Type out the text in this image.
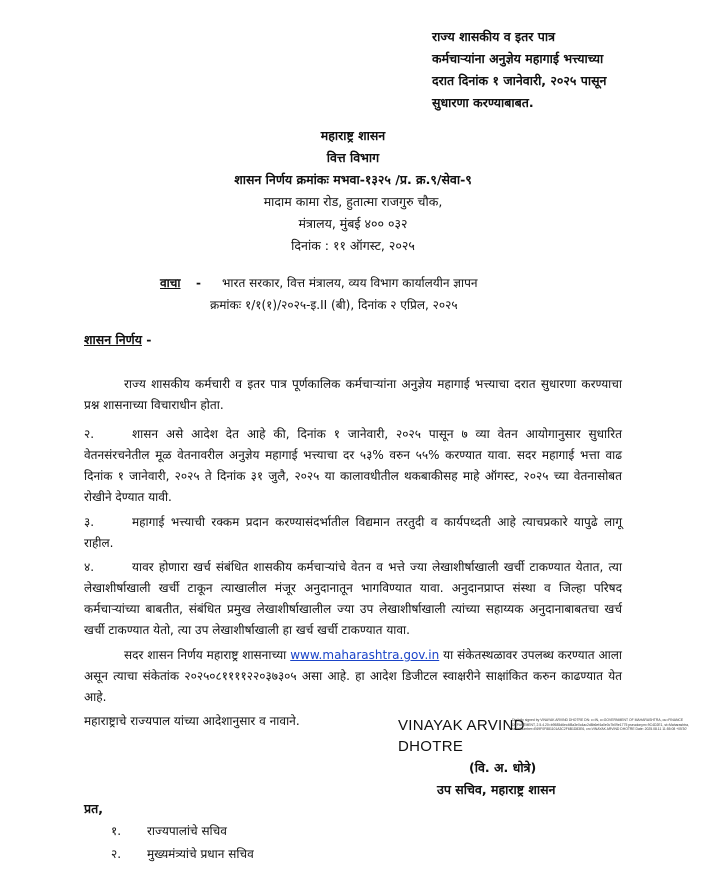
राज्य शासकीय व इतर पात्र
कर्मचाऱ्यांना अनुज्ञेय महागाई भत्त्याच्या
दरात दिनांक १ जानेवारी, २०२५ पासून
सुधारणा करण्याबाबत.
महाराष्ट्र शासन
वित्त विभाग
शासन निर्णय क्रमांकः मभवा-१३२५ /प्र. क्र.९/सेवा-९
मादाम कामा रोड, हुतात्मा राजगुरु चौक,
मंत्रालय, मुंबई ४०० ०३२
दिनांक : ११ ऑगस्ट, २०२५
वाचा - भारत सरकार, वित्त मंत्रालय, व्यय विभाग कार्यालयीन ज्ञापन
क्रमांकः १/१(१)/२०२५-इ.II (बी), दिनांक २ एप्रिल, २०२५
शासन निर्णय -
राज्य शासकीय कर्मचारी व इतर पात्र पूर्णकालिक कर्मचाऱ्यांना अनुज्ञेय महागाई भत्त्याचा दरात सुधारणा करण्याचा प्रश्न शासनाच्या विचाराधीन होता.
२.	शासन असे आदेश देत आहे की, दिनांक १ जानेवारी, २०२५ पासून ७ व्या वेतन आयोगानुसार सुधारित वेतनसंरचनेतील मूळ वेतनावरील अनुज्ञेय महागाई भत्त्याचा दर ५३% वरुन ५५% करण्यात यावा. सदर महागाई भत्ता वाढ दिनांक १ जानेवारी, २०२५ ते दिनांक ३१ जुलै, २०२५ या कालावधीतील थकबाकीसह माहे ऑगस्ट, २०२५ च्या वेतनासोबत रोखीने देण्यात यावी.
३.	महागाई भत्त्याची रक्कम प्रदान करण्यासंदर्भातील विद्यमान तरतुदी व कार्यपध्दती आहे त्याचप्रकारे यापुढे लागू राहील.
४.	यावर होणारा खर्च संबंधित शासकीय कर्मचाऱ्यांचे वेतन व भत्ते ज्या लेखाशीर्षाखाली खर्ची टाकण्यात येतात, त्या लेखाशीर्षाखाली खर्ची टाकून त्याखालील मंजूर अनुदानातून भागविण्यात यावा. अनुदानप्राप्त संस्था व जिल्हा परिषद कर्मचाऱ्यांच्या बाबतीत, संबंधित प्रमुख लेखाशीर्षाखालील ज्या उप लेखाशीर्षाखाली त्यांच्या सहाय्यक अनुदानाबाबतचा खर्च खर्ची टाकण्यात येतो, त्या उप लेखाशीर्षाखाली हा खर्च खर्ची टाकण्यात यावा.
सदर शासन निर्णय महाराष्ट्र शासनाच्या www.maharashtra.gov.in या संकेतस्थळावर उपलब्ध करण्यात आला असून त्याचा संकेतांक २०२५०८११११२२०३७३०५ असा आहे. हा आदेश डिजीटल स्वाक्षरीने साक्षांकित करुन काढण्यात येत आहे.
महाराष्ट्राचे राज्यपाल यांच्या आदेशानुसार व नावाने.	VINAYAK ARVIND
DHOTRE
Digitally signed by VINAYAK ARVIND DHOTRE DN: c=IN, o=GOVERNMENT OF MAHARASHTRA, ou=FINANCE DEPARTMENT, 2.5.4.20=b9585d6ec4f8a3e0c4ac2d8b6ef4a0e0c7b09e1775 pseudonym=9C4D2E1, st=Maharashtra, serialNumber=E69F0F881101A3C2F6B1D83E6, cn=VINAYAK ARVIND DHOTRE Date: 2025.08.11 11:55:08 +05'30'
(वि. अ. धोत्रे)
उप सचिव, महाराष्ट्र शासन
प्रत,
१. राज्यपालांचे सचिव
२. मुख्यमंत्र्यांचे प्रधान सचिव
